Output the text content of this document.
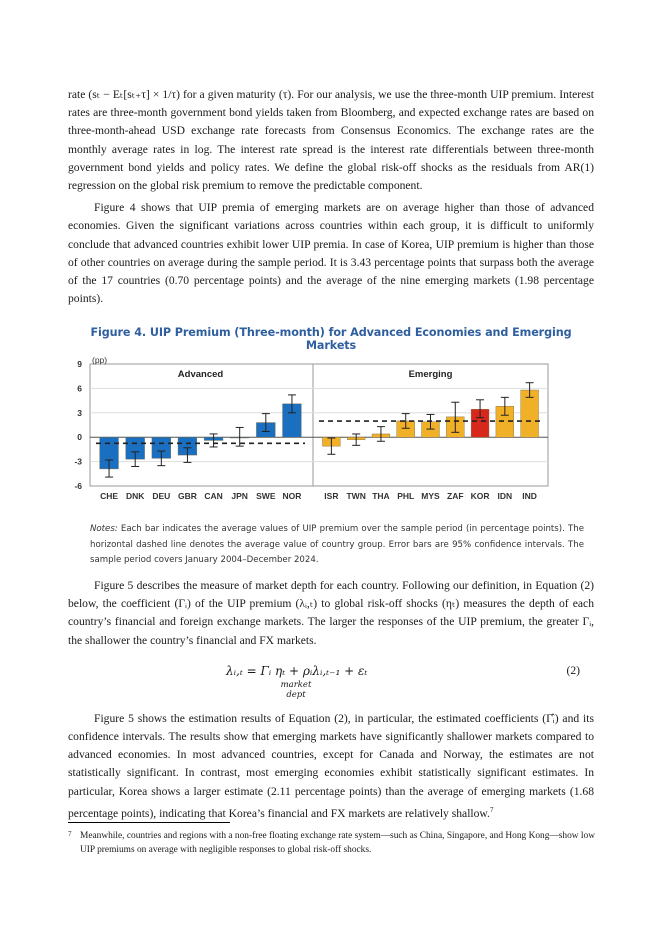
rate (sₜ − Eₜ[sₜ₊τ] × 1/τ) for a given maturity (τ). For our analysis, we use the three-month UIP premium. Interest rates are three-month government bond yields taken from Bloomberg, and expected exchange rates are based on three-month-ahead USD exchange rate forecasts from Consensus Economics. The exchange rates are the monthly average rates in log. The interest rate spread is the interest rate differentials between three-month government bond yields and policy rates. We define the global risk-off shocks as the residuals from AR(1) regression on the global risk premium to remove the predictable component.

Figure 4 shows that UIP premia of emerging markets are on average higher than those of advanced economies. Given the significant variations across countries within each group, it is difficult to uniformly conclude that advanced countries exhibit lower UIP premia. In case of Korea, UIP premium is higher than those of other countries on average during the sample period. It is 3.43 percentage points that surpass both the average of the 17 countries (0.70 percentage points) and the average of the nine emerging markets (1.98 percentage points).

Figure 4. UIP Premium (Three-month) for Advanced Economies and Emerging Markets
9
6
3
0
-3
-6
(pp)
Advanced
CHE DNK DEU GBR CAN JPN SWE NOR
Emerging
ISR TWN THA PHL MYS ZAF KOR IDN IND
Notes: Each bar indicates the average values of UIP premium over the sample period (in percentage points). The horizontal dashed line denotes the average value of country group. Error bars are 95% confidence intervals. The sample period covers January 2004–December 2024.

Figure 5 describes the measure of market depth for each country. Following our definition, in Equation (2) below, the coefficient (Γᵢ) of the UIP premium (λᵢ,ₜ) to global risk-off shocks (ηₜ) measures the depth of each country’s financial and foreign exchange markets. The larger the responses of the UIP premium, the greater Γᵢ, the shallower the country’s financial and FX markets.

λᵢ,ₜ = Γᵢ ηₜ + ρᵢλᵢ,ₜ₋₁ + εₜ
market
dept
(2)

Figure 5 shows the estimation results of Equation (2), in particular, the estimated coefficients (Γ̂ᵢ) and its confidence intervals. The results show that emerging markets have significantly shallower markets compared to advanced economies. In most advanced countries, except for Canada and Norway, the estimates are not statistically significant. In contrast, most emerging economies exhibit statistically significant estimates. In particular, Korea shows a larger estimate (2.11 percentage points) than the average of emerging markets (1.68 percentage points), indicating that Korea’s financial and FX markets are relatively shallow.$^7$

7 Meanwhile, countries and regions with a non-free floating exchange rate system—such as China, Singapore, and Hong Kong—show low UIP premiums on average with negligible responses to global risk-off shocks.
